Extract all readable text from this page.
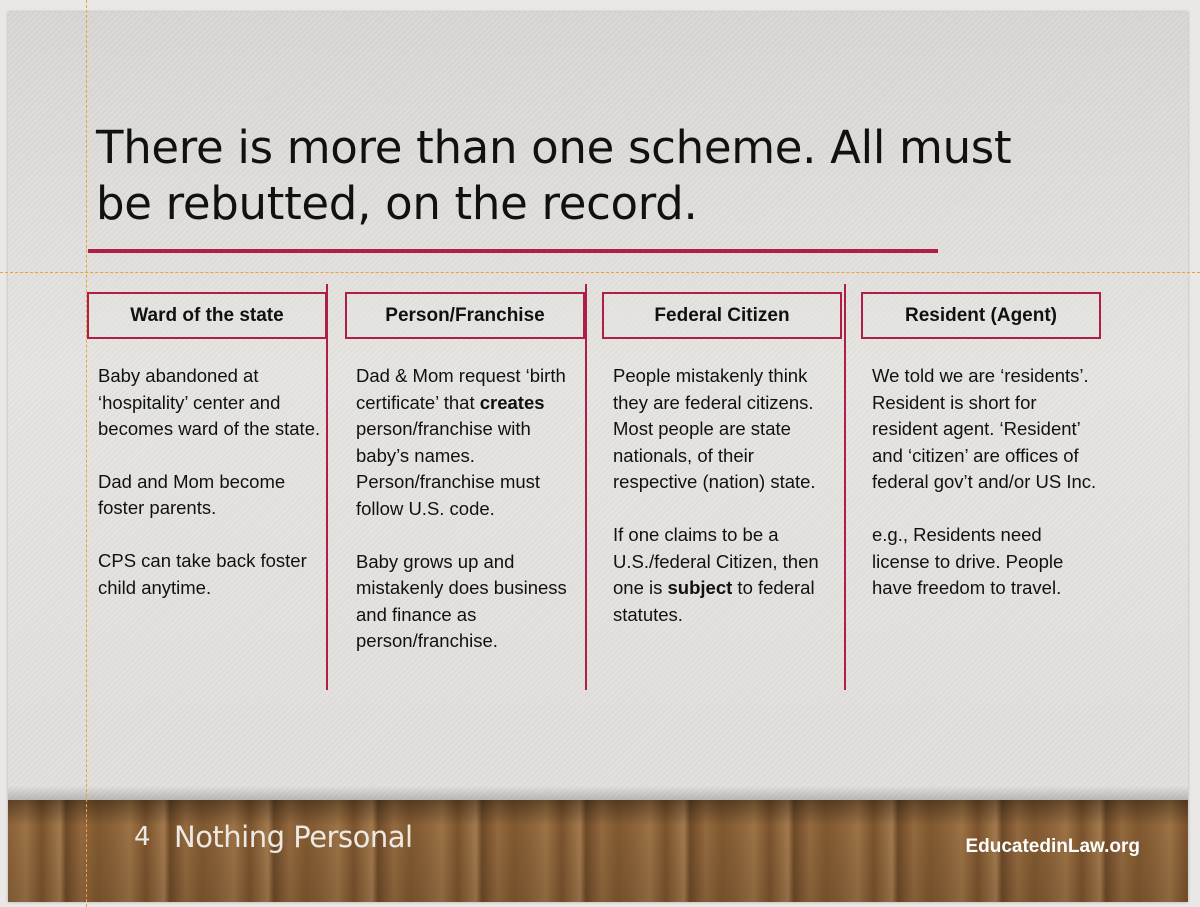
There is more than one scheme. All must be rebutted, on the record.
Ward of the state

Baby abandoned at ‘hospitality’ center and becomes ward of the state.

Dad and Mom become foster parents.

CPS can take back foster child anytime.

Person/Franchise

Dad & Mom request ‘birth certificate’ that creates person/franchise with baby’s names. Person/franchise must follow U.S. code.

Baby grows up and mistakenly does business and finance as person/franchise.

Federal Citizen

People mistakenly think they are federal citizens. Most people are state nationals, of their respective (nation) state.

If one claims to be a U.S./federal Citizen, then one is subject to federal statutes.

Resident (Agent)

We told we are ‘residents’. Resident is short for resident agent. ‘Resident’ and ‘citizen’ are offices of federal gov’t and/or US Inc.

e.g., Residents need license to drive. People have freedom to travel.

4 Nothing Personal	EducatedinLaw.org
